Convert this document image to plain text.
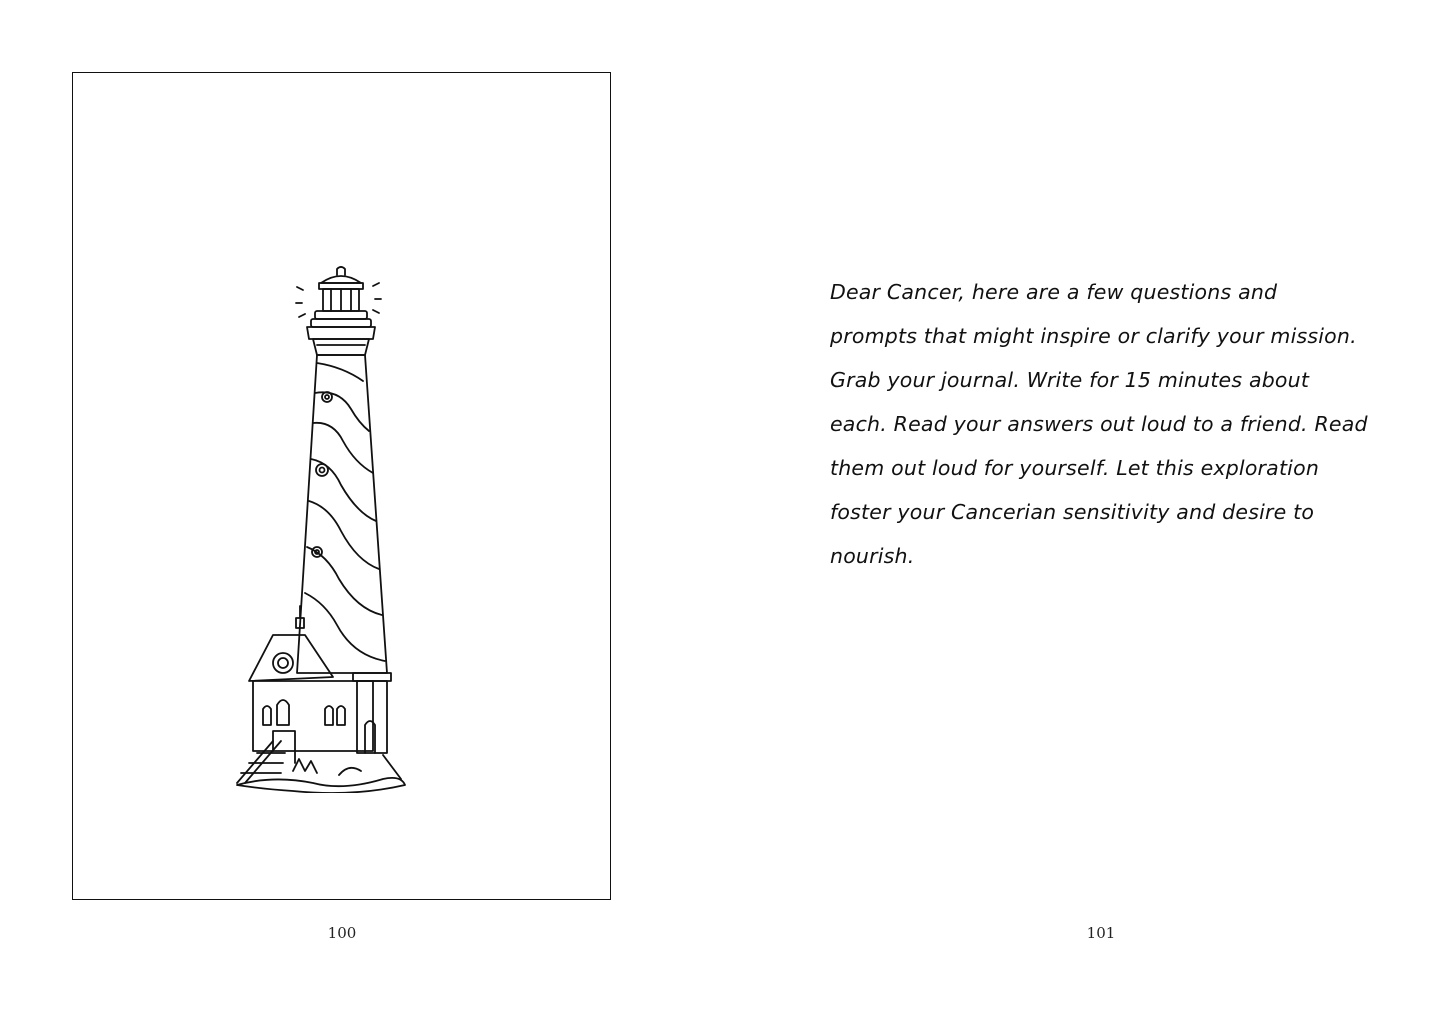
100

Dear Cancer, here are a few questions and prompts that might inspire or clarify your mission. Grab your journal. Write for 15 minutes about each. Read your answers out loud to a friend. Read them out loud for yourself. Let this exploration foster your Cancerian sensitivity and desire to nourish.

101
